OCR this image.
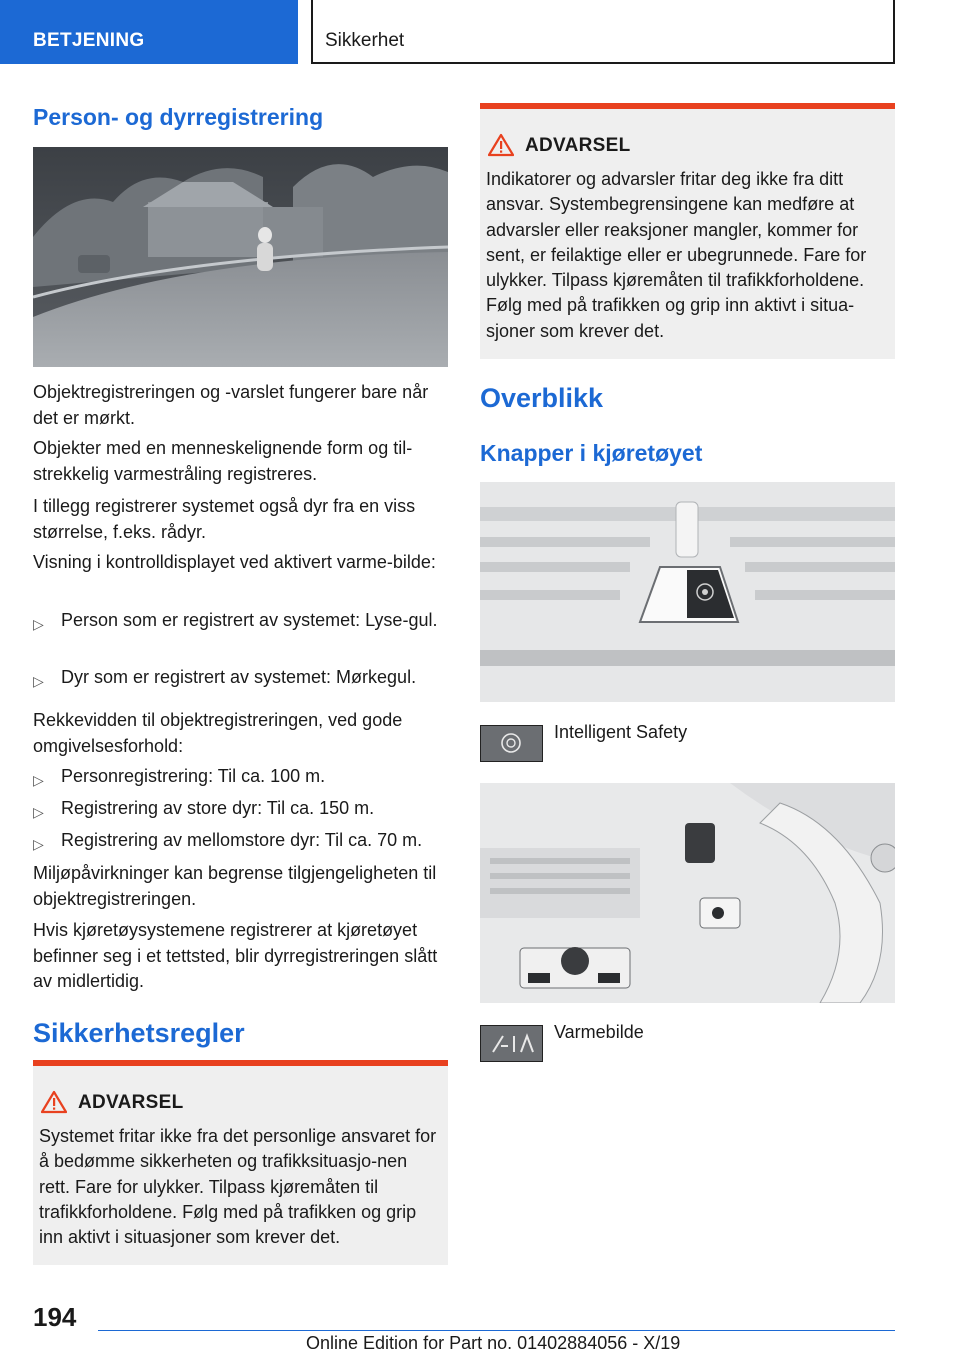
BETJENING	Sikkerhet
Person- og dyrregistrering
Objektregistreringen og -varslet fungerer bare når det er mørkt.
Objekter med en menneskelignende form og til-strekkelig varmestråling registreres.
I tillegg registrerer systemet også dyr fra en viss størrelse, f.eks. rådyr.
Visning i kontrolldisplayet ved aktivert varme-bilde:
▷ Person som er registrert av systemet: Lyse-gul.
▷ Dyr som er registrert av systemet: Mørkegul.
Rekkevidden til objektregistreringen, ved gode omgivelsesforhold:
▷ Personregistrering: Til ca. 100 m.
▷ Registrering av store dyr: Til ca. 150 m.
▷ Registrering av mellomstore dyr: Til ca. 70 m.
Miljøpåvirkninger kan begrense tilgjengeligheten til objektregistreringen.
Hvis kjøretøysystemene registrerer at kjøretøyet befinner seg i et tettsted, blir dyrregistreringen slått av midlertidig.
Sikkerhetsregler
ADVARSEL
Systemet fritar ikke fra det personlige ansvaret for å bedømme sikkerheten og trafikksituasjo-nen rett. Fare for ulykker. Tilpass kjøremåten til trafikkforholdene. Følg med på trafikken og grip inn aktivt i situasjoner som krever det.
ADVARSEL
Indikatorer og advarsler fritar deg ikke fra ditt ansvar. Systembegrensingene kan medføre at advarsler eller reaksjoner mangler, kommer for sent, er feilaktige eller er ubegrunnede. Fare for ulykker. Tilpass kjøremåten til trafikkforholdene. Følg med på trafikken og grip inn aktivt i situa-sjoner som krever det.
Overblikk
Knapper i kjøretøyet
Intelligent Safety
Varmebilde
194
Online Edition for Part no. 01402884056 - X/19
